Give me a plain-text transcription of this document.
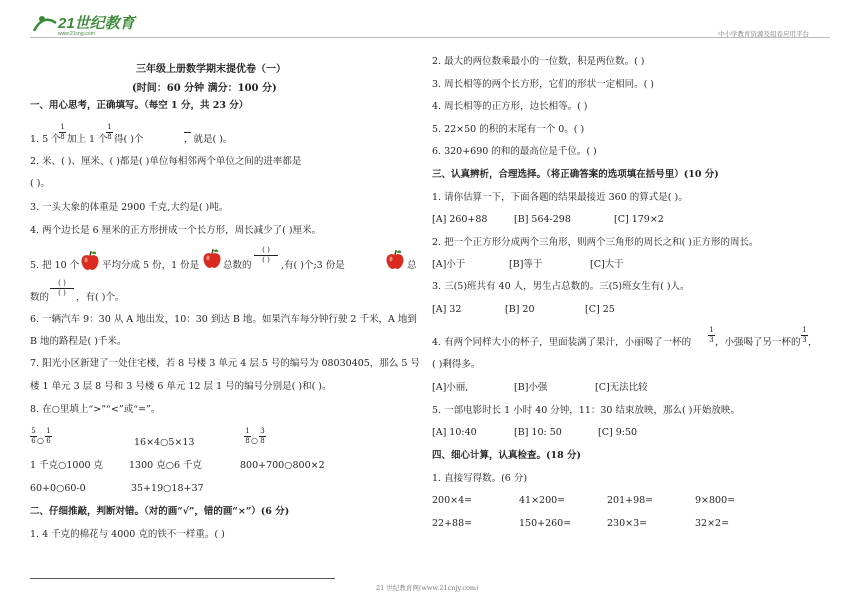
21世纪教育
www.21cnjy.com	中小学教育资源及组卷应用平台
三年级上册数学期末提优卷（一）
(时间：60 分钟 满分：100 分)
一、用心思考，正确填写。（每空 1 分，共 23 分）
1. 5 个
1
8 加上 1 个
1
8 得( )个

	，就是( )。
2. 米、( )、厘米、( )都是( )单位每相邻两个单位之间的进率都是
( )。
3. 一头大象的体重是 2900 千克,大约是( )吨。
4. 两个边长是 6 厘米的正方形拼成一个长方形，周长减少了( )厘米。
5. 把 10 个 平均分成 5 份，1 份是	总数的
( )
( )	,有( )个;3 份是	总
数的
( )
( )	，有( )个。
6. 一辆汽车 9：30 从 A 地出发，10：30 到达 B 地。如果汽车每分钟行驶 2 千米，A 地到
B 地的路程是( )千米。
7. 阳光小区新建了一处住宅楼，若 8 号楼 3 单元 4 层 5 号的编号为 08030405，那么 5 号
楼 1 单元 3 层 8 号和 3 号楼 6 单元 12 层 1 号的编号分别是( )和( )。
8. 在○里填上“>”“<”或“=”。
5
6 ○
1
6	16×4○5×13
1
8 ○
3
8
1 千克○1000 克	1300 克○6 千克	800+700○800×2
60+0○60-0	35+19○18+37
二、仔细推敲，判断对错。（对的画“√”，错的画“×”）(6 分)
1. 4 千克的棉花与 4000 克的铁不一样重。( )
21 世纪教育网(www.21cnjy.com)
2. 最大的两位数乘最小的一位数，积是两位数。( )
3. 周长相等的两个长方形，它们的形状一定相同。( )
4. 周长相等的正方形，边长相等。( )
5. 22×50 的积的末尾有一个 0。( )
6. 320+690 的和的最高位是千位。( )
三、认真辨析，合理选择。（将正确答案的选项填在括号里）(10 分)
1. 请你估算一下，下面各题的结果最接近 360 的算式是( )。
[A] 260+88	[B] 564-298	[C] 179×2
2. 把一个正方形分成两个三角形，则两个三角形的周长之和( )正方形的周长。
[A]小于	[B]等于	[C]大于
3. 三(5)班共有 40 人，男生占总数的。三(5)班女生有( )人。
[A] 32	[B] 20	[C] 25
4. 有两个同样大小的杯子，里面装满了果汁，小丽喝了一杯的
1
3 ，小强喝了另一杯的
1
3 ，
( )剩得多。
[A]小丽,	[B]小强	[C]无法比较
5. 一部电影时长 1 小时 40 分钟，11：30 结束放映，那么( )开始放映。
[A] 10:40	[B] 10: 50	[C] 9:50
四、细心计算，认真检查。(18 分)
1. 直接写得数。(6 分)
200×4=	41×200=	201+98=	9×800=
22+88=	150+260=	230×3=	32×2=
